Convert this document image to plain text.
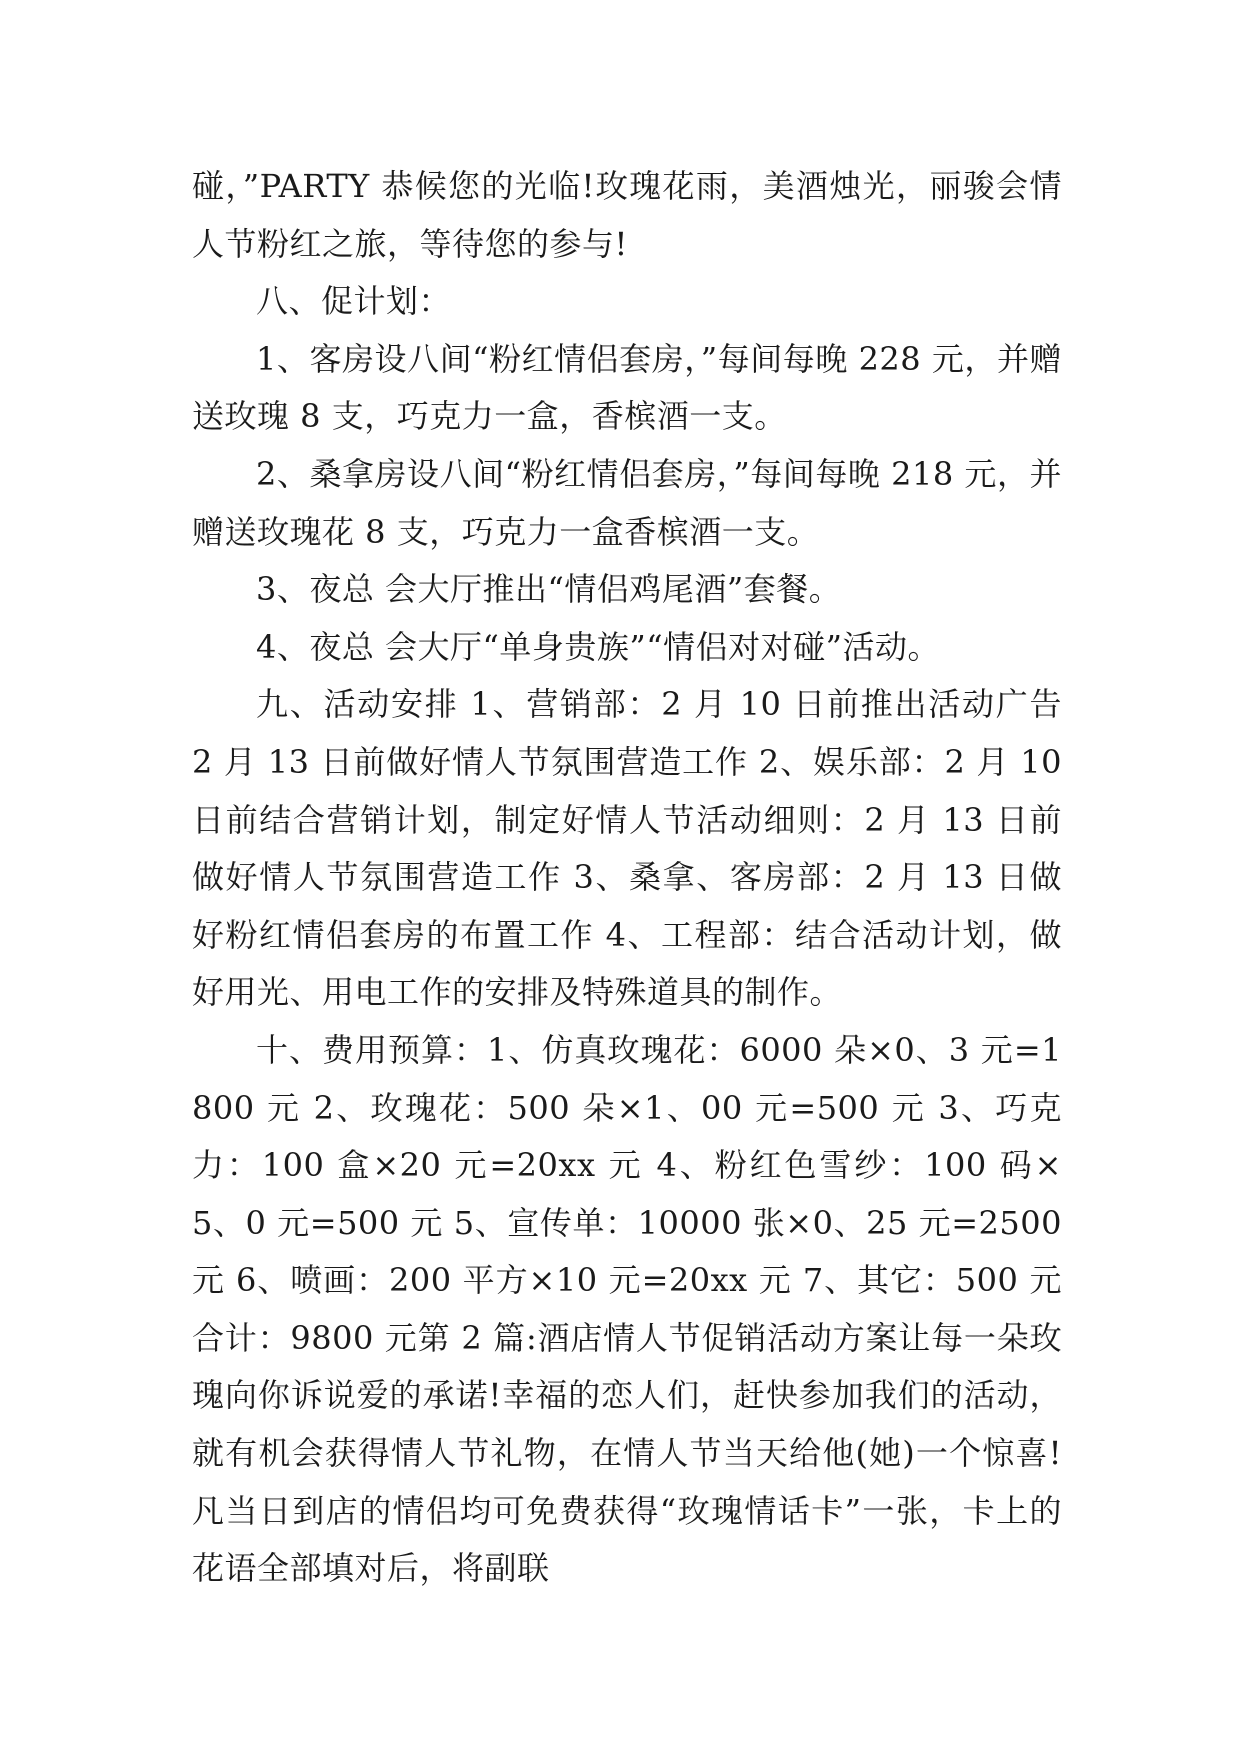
碰，”PARTY 恭候您的光临!玫瑰花雨，美酒烛光，丽骏会情人节粉红之旅，等待您的参与!

八、促计划：

1、客房设八间“粉红情侣套房，”每间每晚 228 元，并赠送玫瑰 8 支，巧克力一盒，香槟酒一支。

2、桑拿房设八间“粉红情侣套房，”每间每晚 218 元，并赠送玫瑰花 8 支，巧克力一盒香槟酒一支。

3、夜总 会大厅推出“情侣鸡尾酒”套餐。

4、夜总 会大厅“单身贵族”“情侣对对碰”活动。

九、活动安排 1、营销部：2 月 10 日前推出活动广告 2 月 13 日前做好情人节氛围营造工作 2、娱乐部：2 月 10 日前结合营销计划，制定好情人节活动细则：2 月 13 日前做好情人节氛围营造工作 3、桑拿、客房部：2 月 13 日做好粉红情侣套房的布置工作 4、工程部：结合活动计划，做好用光、用电工作的安排及特殊道具的制作。

十、费用预算：1、仿真玫瑰花：6000 朵×0、3 元=1800 元 2、玫瑰花：500 朵×1、00 元=500 元 3、巧克力：100 盒×20 元=20xx 元 4、粉红色雪纱：100 码×5、0 元=500 元 5、宣传单：10000 张×0、25 元=2500 元 6、喷画：200 平方×10 元=20xx 元 7、其它：500 元合计：9800 元第 2 篇:酒店情人节促销活动方案让每一朵玫瑰向你诉说爱的承诺!幸福的恋人们，赶快参加我们的活动，就有机会获得情人节礼物，在情人节当天给他(她)一个惊喜!凡当日到店的情侣均可免费获得“玫瑰情话卡”一张，卡上的花语全部填对后，将副联
